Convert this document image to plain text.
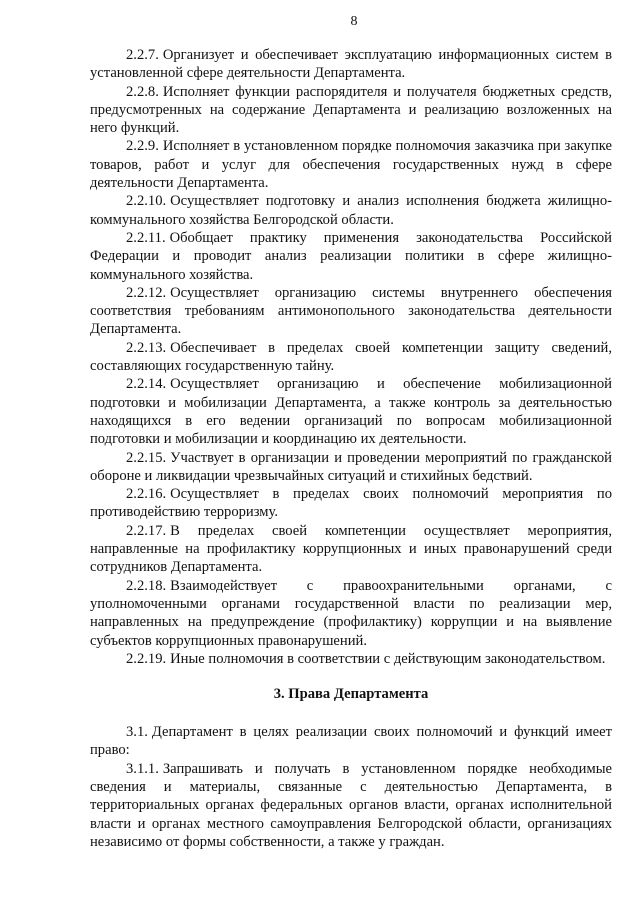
8

2.2.7. Организует и обеспечивает эксплуатацию информационных систем в установленной сфере деятельности Департамента.

2.2.8. Исполняет функции распорядителя и получателя бюджетных средств, предусмотренных на содержание Департамента и реализацию возложенных на него функций.

2.2.9. Исполняет в установленном порядке полномочия заказчика при закупке товаров, работ и услуг для обеспечения государственных нужд в сфере деятельности Департамента.

2.2.10. Осуществляет подготовку и анализ исполнения бюджета жилищно-коммунального хозяйства Белгородской области.

2.2.11. Обобщает практику применения законодательства Российской Федерации и проводит анализ реализации политики в сфере жилищно-коммунального хозяйства.

2.2.12. Осуществляет организацию системы внутреннего обеспечения соответствия требованиям антимонопольного законодательства деятельности Департамента.

2.2.13. Обеспечивает в пределах своей компетенции защиту сведений, составляющих государственную тайну.

2.2.14. Осуществляет организацию и обеспечение мобилизационной подготовки и мобилизации Департамента, а также контроль за деятельностью находящихся в его ведении организаций по вопросам мобилизационной подготовки и мобилизации и координацию их деятельности.

2.2.15. Участвует в организации и проведении мероприятий по гражданской обороне и ликвидации чрезвычайных ситуаций и стихийных бедствий.

2.2.16. Осуществляет в пределах своих полномочий мероприятия по противодействию терроризму.

2.2.17. В пределах своей компетенции осуществляет мероприятия, направленные на профилактику коррупционных и иных правонарушений среди сотрудников Департамента.

2.2.18. Взаимодействует с правоохранительными органами, с уполномоченными органами государственной власти по реализации мер, направленных на предупреждение (профилактику) коррупции и на выявление субъектов коррупционных правонарушений.

2.2.19. Иные полномочия в соответствии с действующим законодательством.

3. Права Департамента

3.1. Департамент в целях реализации своих полномочий и функций имеет право:

3.1.1. Запрашивать и получать в установленном порядке необходимые сведения и материалы, связанные с деятельностью Департамента, в территориальных органах федеральных органов власти, органах исполнительной власти и органах местного самоуправления Белгородской области, организациях независимо от формы собственности, а также у граждан.
